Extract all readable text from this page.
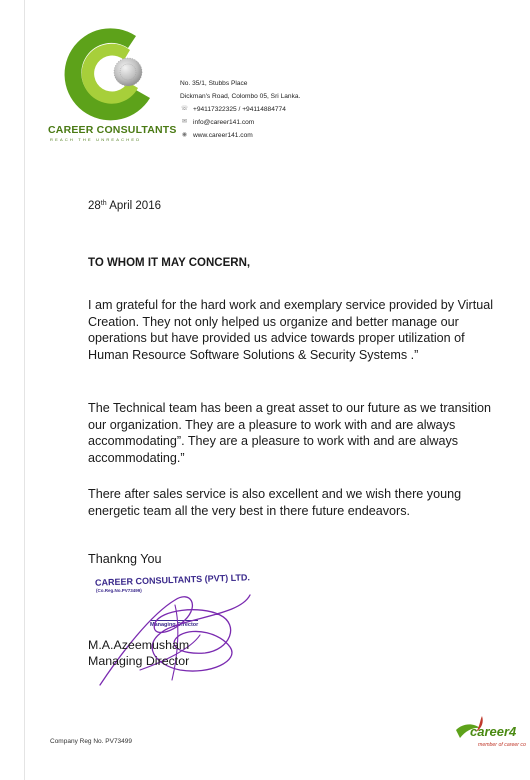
CAREER CONSULTANTS
REACH THE UNREACHED
No. 35/1, Stubbs Place
Dickman's Road, Colombo 05, Sri Lanka.
☏ +94117322325 / +94114884774
✉ info@career141.com
◉ www.career141.com
28th April 2016
TO WHOM IT MAY CONCERN,

I am grateful for the hard work and exemplary service provided by Virtual Creation. They not only helped us organize and better manage our operations but have provided us advice towards proper utilization of Human Resource Software Solutions & Security Systems .”

The Technical team has been a great asset to our future as we transition our organization. They are a pleasure to work with and are always accommodating”. They are a pleasure to work with and are always accommodating.”

There after sales service is also excellent and we wish there young energetic team all the very best in there future endeavors.

Thankng You
CAREER CONSULTANTS (PVT) LTD.
(Co.Reg.No.PV73499)
Managing Director
M.A.Azeemusham
Managing Director
Company Reg No. PV73499
career4
member of career co
